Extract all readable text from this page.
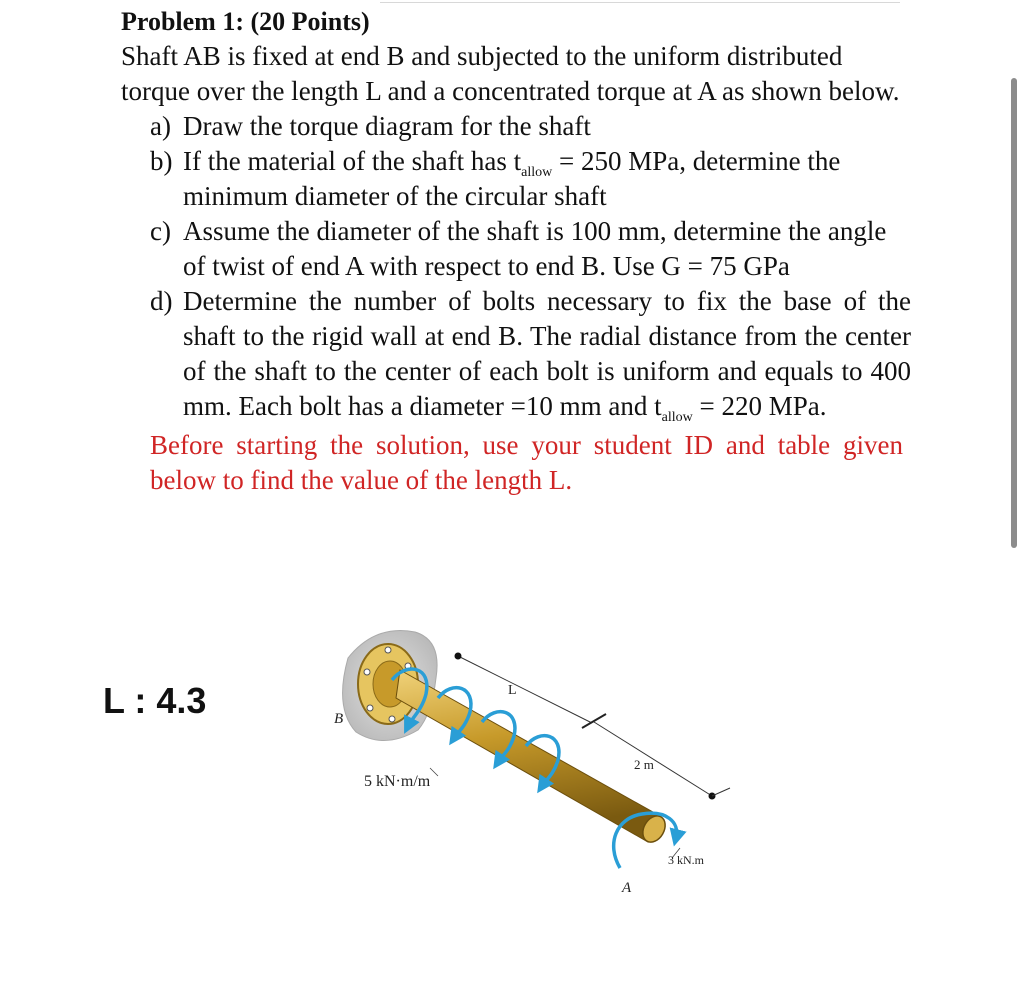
Problem 1: (20 Points)
Shaft AB is fixed at end B and subjected to the uniform distributed torque over the length L and a concentrated torque at A as shown below.
a) Draw the torque diagram for the shaft
b) If the material of the shaft has $t_{allow} = 250$ MPa, determine the minimum diameter of the circular shaft
c) Assume the diameter of the shaft is 100 mm, determine the angle of twist of end A with respect to end B. Use G = 75 GPa
d) Determine the number of bolts necessary to fix the base of the shaft to the rigid wall at end B. The radial distance from the center of the shaft to the center of each bolt is uniform and equals to 400 mm. Each bolt has a diameter =10 mm and $t_{allow} = 220$ MPa.
Before starting the solution, use your student ID and table given below to find the value of the length L.
L : 4.3	B
L
2 m
5 kN·m/m
3 kN.m
A
